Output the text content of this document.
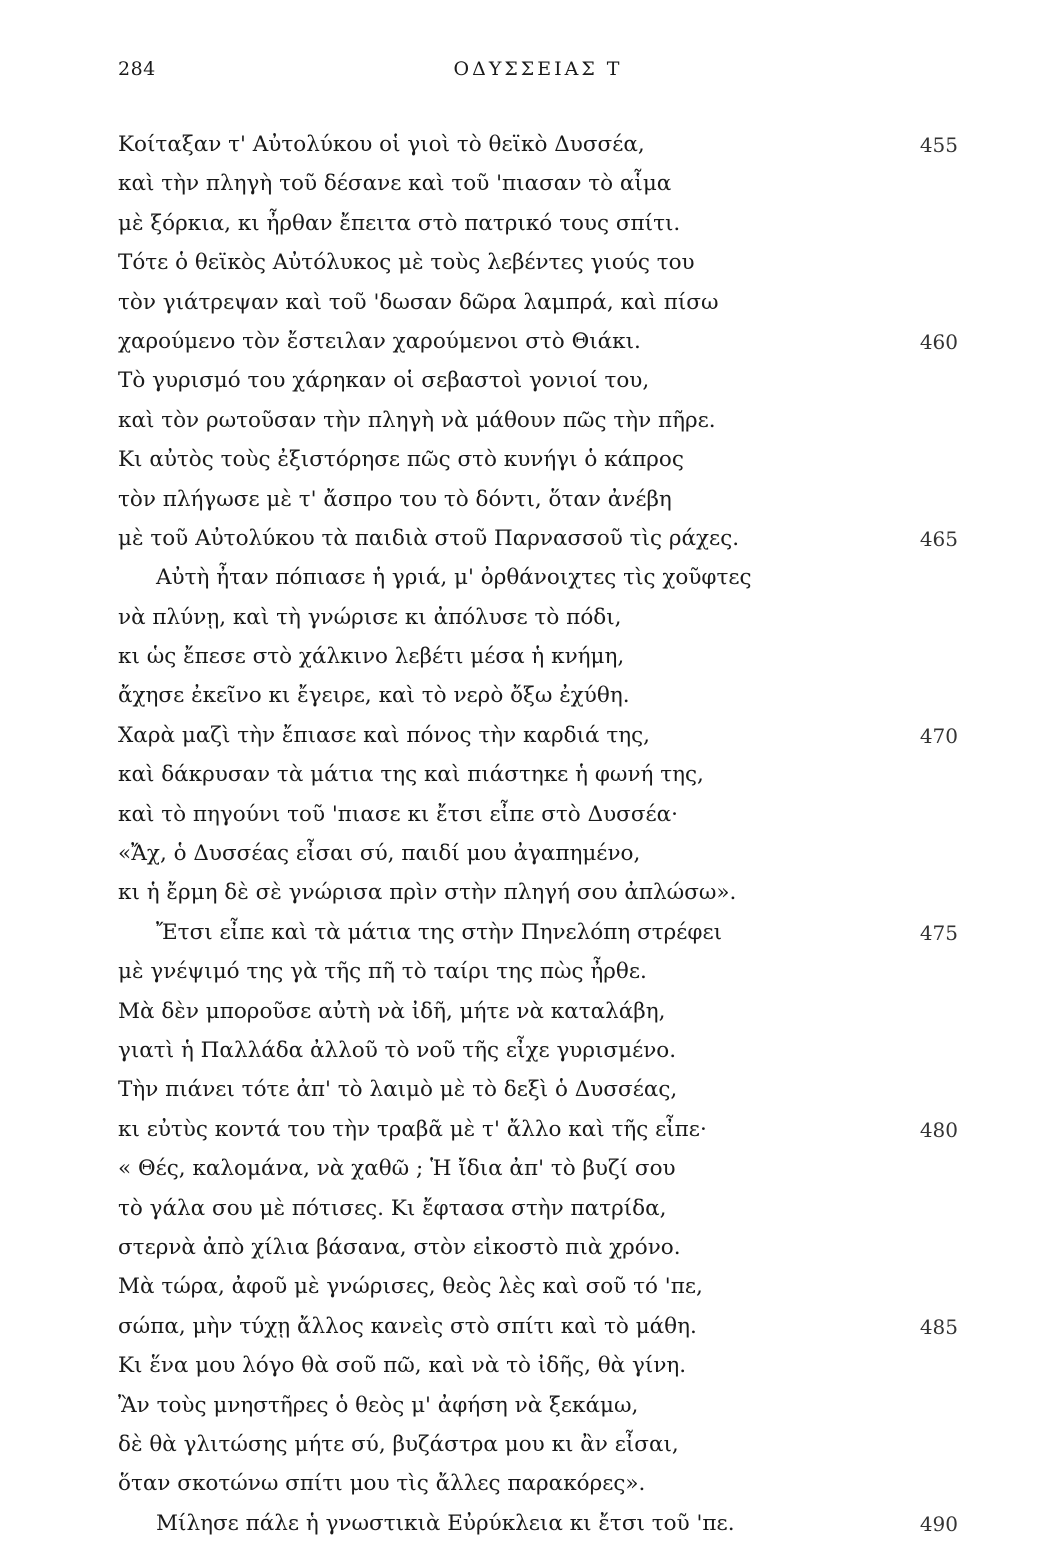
284	ΟΔΥΣΣΕΙΑΣ Τ
Κοίταξαν τ' Αὐτολύκου οἱ γιοὶ τὸ θεϊκὸ Δυσσέα,	455
καὶ τὴν πληγὴ τοῦ δέσανε καὶ τοῦ 'πιασαν τὸ αἷμα
μὲ ξόρκια, κι ἦρθαν ἔπειτα στὸ πατρικό τους σπίτι.
Τότε ὁ θεϊκὸς Αὐτόλυκος μὲ τοὺς λεβέντες γιούς του
τὸν γιάτρεψαν καὶ τοῦ 'δωσαν δῶρα λαμπρά, καὶ πίσω
χαρούμενο τὸν ἔστειλαν χαρούμενοι στὸ Θιάκι.	460
Τὸ γυρισμό του χάρηκαν οἱ σεβαστοὶ γονιοί του,
καὶ τὸν ρωτοῦσαν τὴν πληγὴ νὰ μάθουν πῶς τὴν πῆρε.
Κι αὐτὸς τοὺς ἐξιστόρησε πῶς στὸ κυνήγι ὁ κάπρος
τὸν πλήγωσε μὲ τ' ἄσπρο του τὸ δόντι, ὅταν ἀνέβη
μὲ τοῦ Αὐτολύκου τὰ παιδιὰ στοῦ Παρνασσοῦ τὶς ράχες.	465
Αὐτὴ ἦταν πόπιασε ἡ γριά, μ' ὀρθάνοιχτες τὶς χοῦφτες
νὰ πλύνῃ, καὶ τὴ γνώρισε κι ἀπόλυσε τὸ πόδι,
κι ὡς ἔπεσε στὸ χάλκινο λεβέτι μέσα ἡ κνήμη,
ἄχησε ἐκεῖνο κι ἔγειρε, καὶ τὸ νερὸ ὄξω ἐχύθη.
Χαρὰ μαζὶ τὴν ἔπιασε καὶ πόνος τὴν καρδιά της,	470
καὶ δάκρυσαν τὰ μάτια της καὶ πιάστηκε ἡ φωνή της,
καὶ τὸ πηγούνι τοῦ 'πιασε κι ἔτσι εἶπε στὸ Δυσσέα·
«Ἄχ, ὁ Δυσσέας εἶσαι σύ, παιδί μου ἀγαπημένο,
κι ἡ ἔρμη δὲ σὲ γνώρισα πρὶν στὴν πληγή σου ἀπλώσω».
Ἔτσι εἶπε καὶ τὰ μάτια της στὴν Πηνελόπη στρέφει	475
μὲ γνέψιμό της γὰ τῆς πῆ τὸ ταίρι της πὼς ἦρθε.
Μὰ δὲν μποροῦσε αὐτὴ νὰ ἰδῆ, μήτε νὰ καταλάβη,
γιατὶ ἡ Παλλάδα ἀλλοῦ τὸ νοῦ τῆς εἶχε γυρισμένο.
Τὴν πιάνει τότε ἀπ' τὸ λαιμὸ μὲ τὸ δεξὶ ὁ Δυσσέας,
κι εὐτὺς κοντά του τὴν τραβᾶ μὲ τ' ἄλλο καὶ τῆς εἶπε·	480
« Θές, καλομάνα, νὰ χαθῶ ; Ἡ ἴδια ἀπ' τὸ βυζί σου
τὸ γάλα σου μὲ πότισες. Κι ἔφτασα στὴν πατρίδα,
στερνὰ ἀπὸ χίλια βάσανα, στὸν εἰκοστὸ πιὰ χρόνο.
Μὰ τώρα, ἀφοῦ μὲ γνώρισες, θεὸς λὲς καὶ σοῦ τό 'πε,
σώπα, μὴν τύχῃ ἄλλος κανεὶς στὸ σπίτι καὶ τὸ μάθη.	485
Κι ἕνα μου λόγο θὰ σοῦ πῶ, καὶ νὰ τὸ ἰδῆς, θὰ γίνη.
Ἂν τοὺς μνηστῆρες ὁ θεὸς μ' ἀφήση νὰ ξεκάμω,
δὲ θὰ γλιτώσης μήτε σύ, βυζάστρα μου κι ἂν εἶσαι,
ὅταν σκοτώνω σπίτι μου τὶς ἄλλες παρακόρες».
Μίλησε πάλε ἡ γνωστικιὰ Εὐρύκλεια κι ἔτσι τοῦ 'πε.	490
